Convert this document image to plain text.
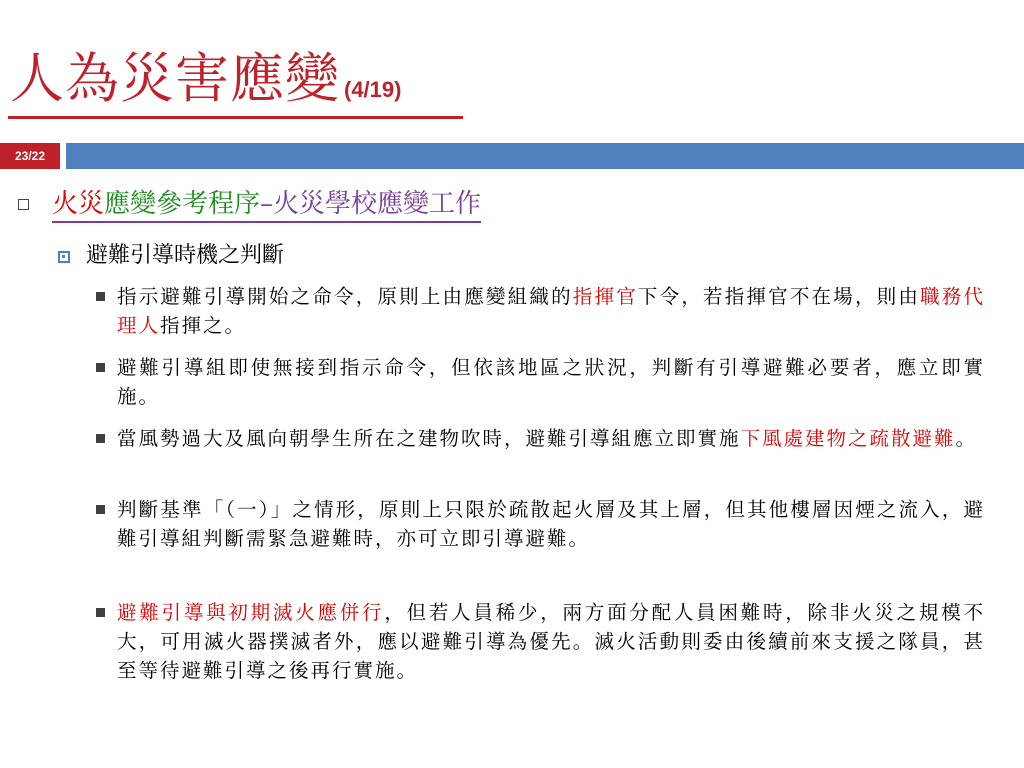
人為災害應變 (4/19)
23/22
火災應變參考程序–火災學校應變工作
避難引導時機之判斷
指示避難引導開始之命令，原則上由應變組織的指揮官下令，若指揮官不在場，則由職務代理人指揮之。
避難引導組即使無接到指示命令，但依該地區之狀況，判斷有引導避難必要者，應立即實施。
當風勢過大及風向朝學生所在之建物吹時，避難引導組應立即實施下風處建物之疏散避難。
判斷基準「（一）」之情形，原則上只限於疏散起火層及其上層，但其他樓層因煙之流入，避難引導組判斷需緊急避難時，亦可立即引導避難。
避難引導與初期滅火應併行，但若人員稀少，兩方面分配人員困難時，除非火災之規模不大，可用滅火器撲滅者外，應以避難引導為優先。滅火活動則委由後續前來支援之隊員，甚至等待避難引導之後再行實施。
